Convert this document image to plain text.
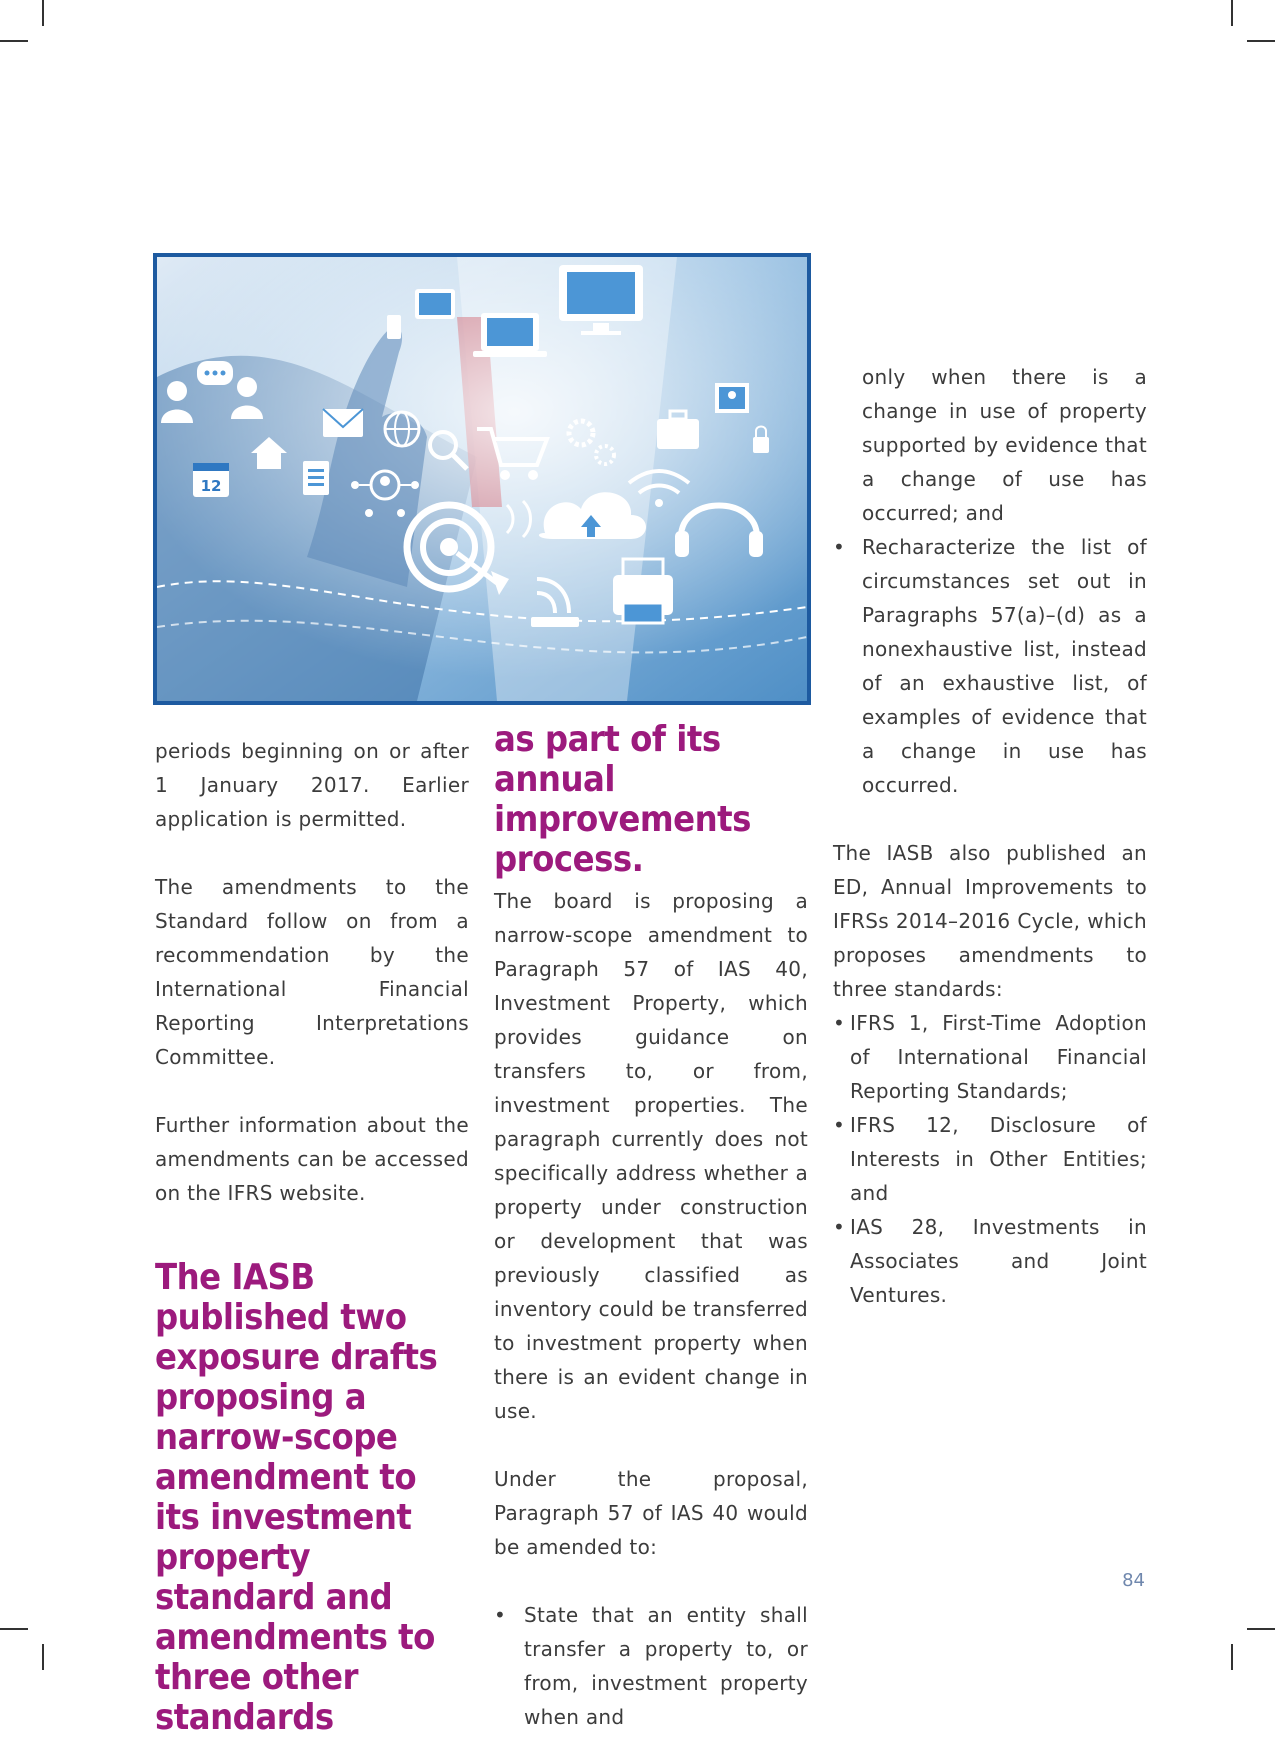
12

periods beginning on or after 1 January 2017. Earlier application is permitted.

The amendments to the Standard follow on from a recommendation by the International Financial Reporting Interpretations Committee.

Further information about the amendments can be accessed on the IFRS website.

The IASB published two exposure drafts proposing a narrow-scope amendment to its investment property standard and amendments to three other standards
as part of its annual improvements process.

The board is proposing a narrow-scope amendment to Paragraph 57 of IAS 40, Investment Property, which provides guidance on transfers to, or from, investment properties. The paragraph currently does not specifically address whether a property under construction or development that was previously classified as inventory could be transferred to investment property when there is an evident change in use.

Under the proposal, Paragraph 57 of IAS 40 would be amended to:

• State that an entity shall transfer a property to, or from, investment property when and

only when there is a change in use of property supported by evidence that a change of use has occurred; and

• Recharacterize the list of circumstances set out in Paragraphs 57(a)–(d) as a nonexhaustive list, instead of an exhaustive list, of examples of evidence that a change in use has occurred.

The IASB also published an ED, Annual Improvements to IFRSs 2014–2016 Cycle, which proposes amendments to three standards:

• IFRS 1, First-Time Adoption of International Financial Reporting Standards;
• IFRS 12, Disclosure of Interests in Other Entities; and
• IAS 28, Investments in Associates and Joint Ventures.
84
